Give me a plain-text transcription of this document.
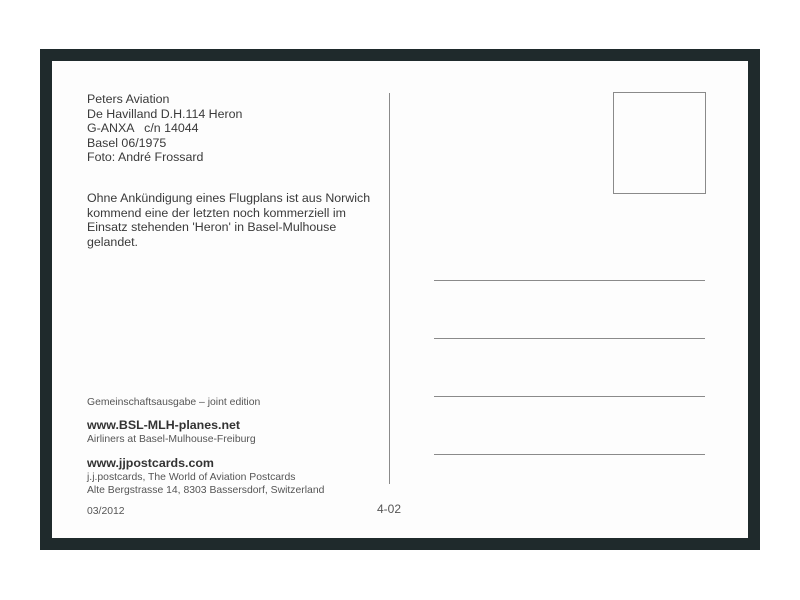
Peters Aviation
De Havilland D.H.114 Heron
G-ANXA   c/n 14044
Basel 06/1975
Foto: André Frossard
Ohne Ankündigung eines Flugplans ist aus Norwich kommend eine der letzten noch kommerziell im Einsatz stehenden 'Heron' in Basel-Mulhouse gelandet.
Gemeinschaftsausgabe – joint edition
www.BSL-MLH-planes.net
Airliners at Basel-Mulhouse-Freiburg
www.jjpostcards.com
j.j.postcards, The World of Aviation Postcards
Alte Bergstrasse 14, 8303 Bassersdorf, Switzerland
03/2012	4-02
